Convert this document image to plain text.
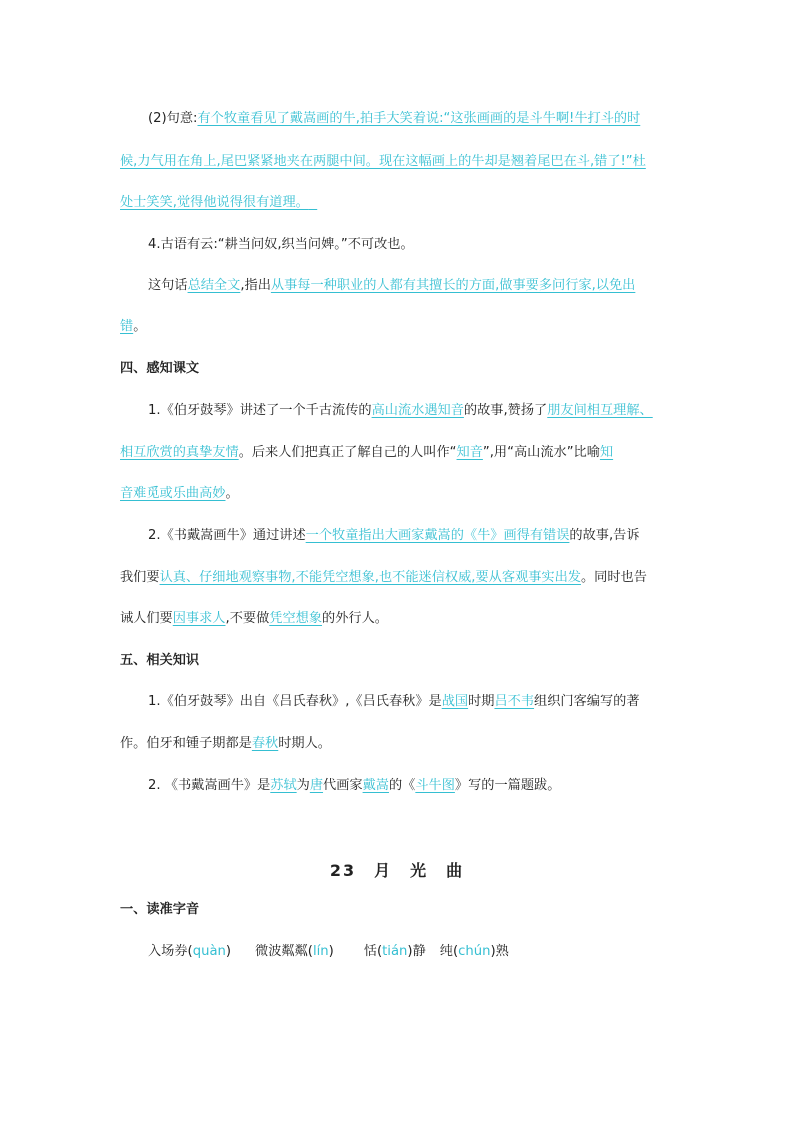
(2)句意:有个牧童看见了戴嵩画的牛,拍手大笑着说:“这张画画的是斗牛啊!牛打斗的时
候,力气用在角上,尾巴紧紧地夹在两腿中间。现在这幅画上的牛却是翘着尾巴在斗,错了!”杜
处士笑笑,觉得他说得很有道理。
4.古语有云:“耕当问奴,织当问婢。”不可改也。
这句话总结全文,指出从事每一种职业的人都有其擅长的方面,做事要多问行家,以免出
错。
四、感知课文
1.《伯牙鼓琴》讲述了一个千古流传的高山流水遇知音的故事,赞扬了朋友间相互理解、
相互欣赏的真挚友情。后来人们把真正了解自己的人叫作“知音”,用“高山流水”比喻知
音难觅或乐曲高妙。
2.《书戴嵩画牛》通过讲述一个牧童指出大画家戴嵩的《牛》画得有错误的故事,告诉
我们要认真、仔细地观察事物,不能凭空想象,也不能迷信权威,要从客观事实出发。同时也告
诫人们要因事求人,不要做凭空想象的外行人。
五、相关知识
1.《伯牙鼓琴》出自《吕氏春秋》,《吕氏春秋》是战国时期吕不韦组织门客编写的著
作。伯牙和锺子期都是春秋时期人。
2. 《书戴嵩画牛》是苏轼为唐代画家戴嵩的《斗牛图》写的一篇题跋。
23　月　光　曲
一、读准字音
入场券(quàn) 微波粼粼(lín) 恬(tián)静 纯(chún)熟
